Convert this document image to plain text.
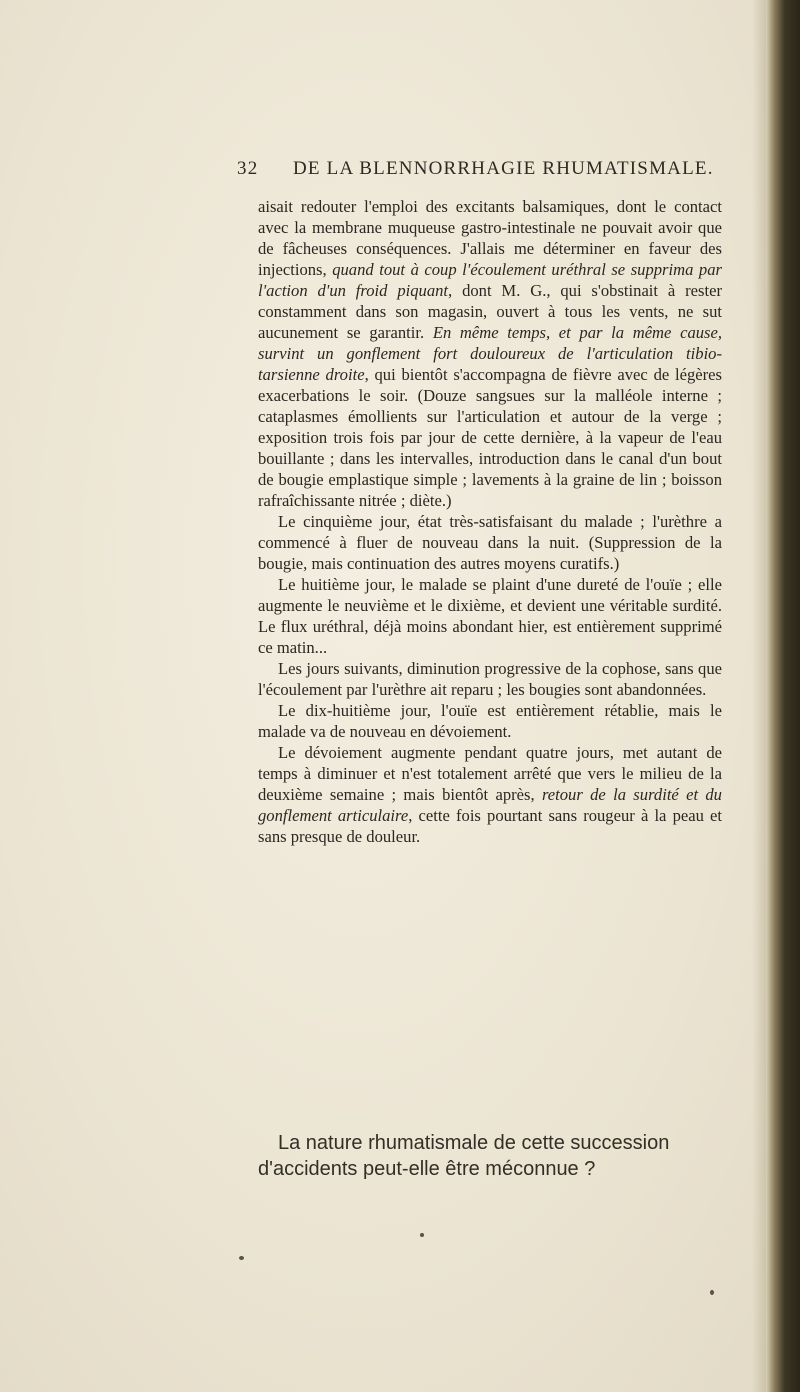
32 DE LA BLENNORRHAGIE RHUMATISMALE.

aisait redouter l'emploi des excitants balsamiques, dont le contact avec la membrane muqueuse gastro-intestinale ne pouvait avoir que de fâcheuses conséquences. J'allais me déterminer en faveur des injections, quand tout à coup l'écoulement uréthral se supprima par l'action d'un froid piquant, dont M. G., qui s'obstinait à rester constamment dans son magasin, ouvert à tous les vents, ne sut aucunement se garantir. En même temps, et par la même cause, survint un gonflement fort douloureux de l'articulation tibio-tarsienne droite, qui bientôt s'accompagna de fièvre avec de légères exacerbations le soir. (Douze sangsues sur la malléole interne ; cataplasmes émollients sur l'articulation et autour de la verge ; exposition trois fois par jour de cette dernière, à la vapeur de l'eau bouillante ; dans les intervalles, introduction dans le canal d'un bout de bougie emplastique simple ; lavements à la graine de lin ; boisson rafraîchissante nitrée ; diète.)

Le cinquième jour, état très-satisfaisant du malade ; l'urèthre a commencé à fluer de nouveau dans la nuit. (Suppression de la bougie, mais continuation des autres moyens curatifs.)

Le huitième jour, le malade se plaint d'une dureté de l'ouïe ; elle augmente le neuvième et le dixième, et devient une véritable surdité. Le flux uréthral, déjà moins abondant hier, est entièrement supprimé ce matin...

Les jours suivants, diminution progressive de la cophose, sans que l'écoulement par l'urèthre ait reparu ; les bougies sont abandonnées.

Le dix-huitième jour, l'ouïe est entièrement rétablie, mais le malade va de nouveau en dévoiement.

Le dévoiement augmente pendant quatre jours, met autant de temps à diminuer et n'est totalement arrêté que vers le milieu de la deuxième semaine ; mais bientôt après, retour de la surdité et du gonflement articulaire, cette fois pourtant sans rougeur à la peau et sans presque de douleur.

La nature rhumatismale de cette succession d'accidents peut-elle être méconnue ?
